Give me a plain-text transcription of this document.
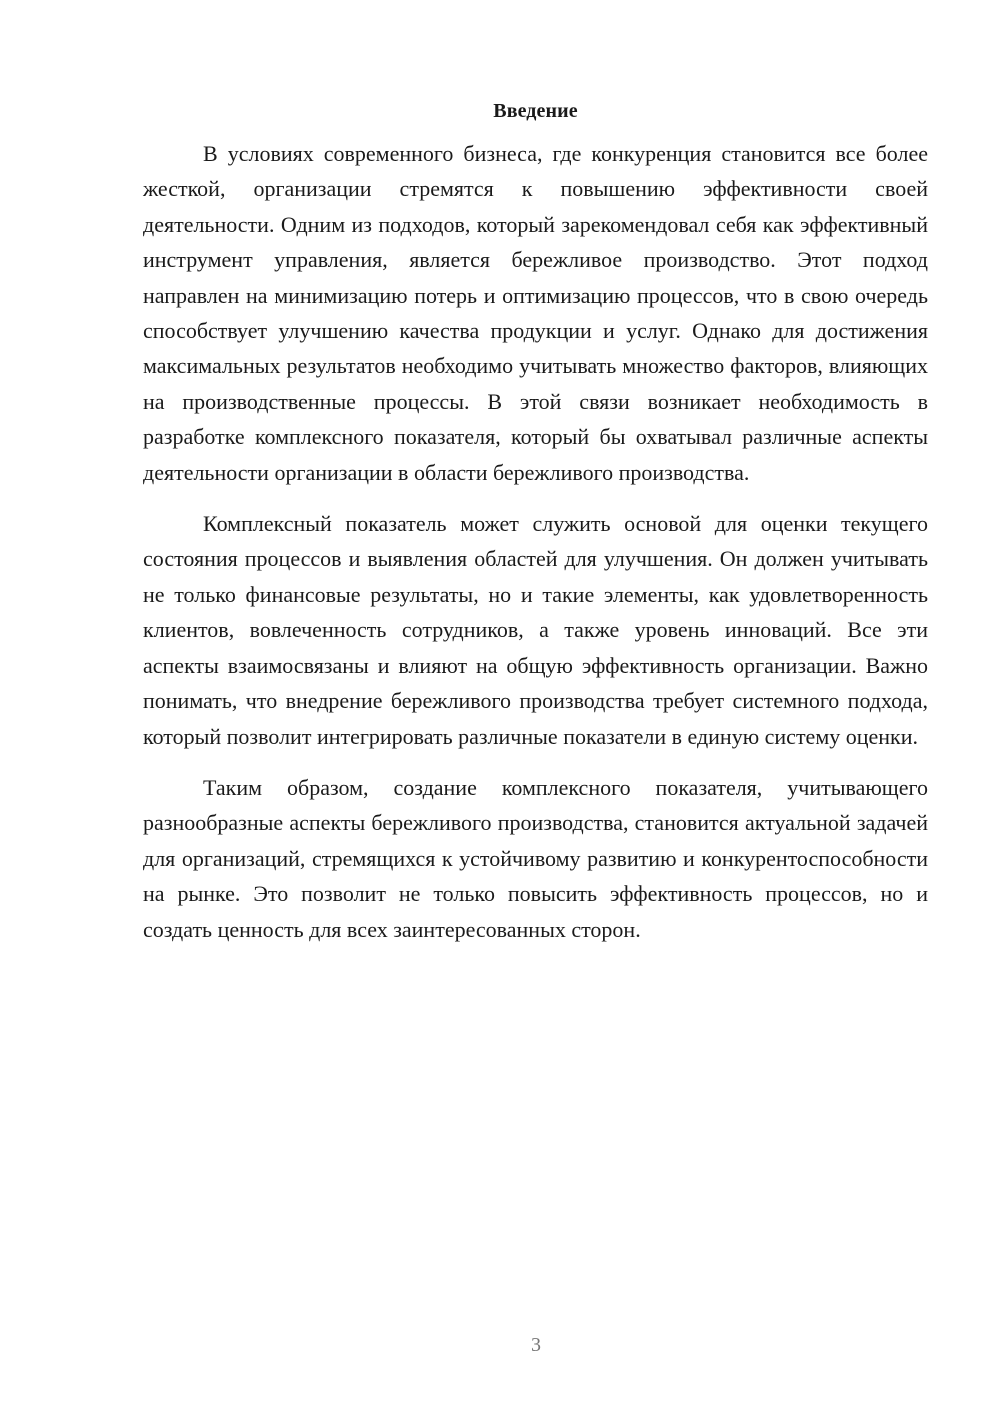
Введение

В условиях современного бизнеса, где конкуренция становится все более жесткой, организации стремятся к повышению эффективности своей деятельности. Одним из подходов, который зарекомендовал себя как эффективный инструмент управления, является бережливое производство. Этот подход направлен на минимизацию потерь и оптимизацию процессов, что в свою очередь способствует улучшению качества продукции и услуг. Однако для достижения максимальных результатов необходимо учитывать множество факторов, влияющих на производственные процессы. В этой связи возникает необходимость в разработке комплексного показателя, который бы охватывал различные аспекты деятельности организации в области бережливого производства.

Комплексный показатель может служить основой для оценки текущего состояния процессов и выявления областей для улучшения. Он должен учитывать не только финансовые результаты, но и такие элементы, как удовлетворенность клиентов, вовлеченность сотрудников, а также уровень инноваций. Все эти аспекты взаимосвязаны и влияют на общую эффективность организации. Важно понимать, что внедрение бережливого производства требует системного подхода, который позволит интегрировать различные показатели в единую систему оценки.

Таким образом, создание комплексного показателя, учитывающего разнообразные аспекты бережливого производства, становится актуальной задачей для организаций, стремящихся к устойчивому развитию и конкурентоспособности на рынке. Это позволит не только повысить эффективность процессов, но и создать ценность для всех заинтересованных сторон.

3
